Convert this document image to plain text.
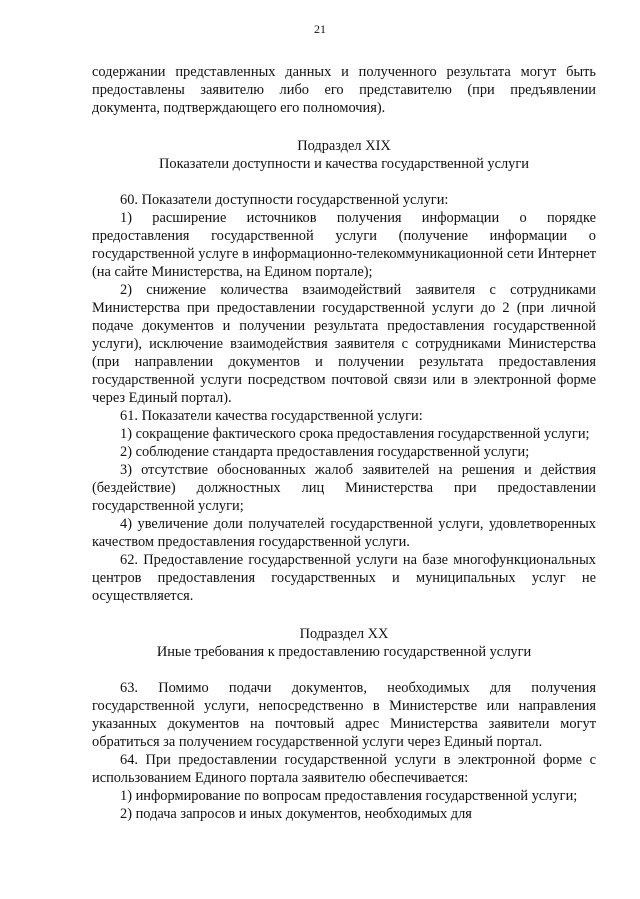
21

содержании представленных данных и полученного результата могут быть предоставлены заявителю либо его представителю (при предъявлении документа, подтверждающего его полномочия).

Подраздел XIX
Показатели доступности и качества государственной услуги

60. Показатели доступности государственной услуги:

1) расширение источников получения информации о порядке предоставления государственной услуги (получение информации о государственной услуге в информационно-телекоммуникационной сети Интернет (на сайте Министерства, на Едином портале);

2) снижение количества взаимодействий заявителя с сотрудниками Министерства при предоставлении государственной услуги до 2 (при личной подаче документов и получении результата предоставления государственной услуги), исключение взаимодействия заявителя с сотрудниками Министерства (при направлении документов и получении результата предоставления государственной услуги посредством почтовой связи или в электронной форме через Единый портал).

61. Показатели качества государственной услуги:

1) сокращение фактического срока предоставления государственной услуги;

2) соблюдение стандарта предоставления государственной услуги;

3) отсутствие обоснованных жалоб заявителей на решения и действия (бездействие) должностных лиц Министерства при предоставлении государственной услуги;

4) увеличение доли получателей государственной услуги, удовлетворенных качеством предоставления государственной услуги.

62. Предоставление государственной услуги на базе многофункциональных центров предоставления государственных и муниципальных услуг не осуществляется.

Подраздел XX
Иные требования к предоставлению государственной услуги

63. Помимо подачи документов, необходимых для получения государственной услуги, непосредственно в Министерстве или направления указанных документов на почтовый адрес Министерства заявители могут обратиться за получением государственной услуги через Единый портал.

64. При предоставлении государственной услуги в электронной форме с использованием Единого портала заявителю обеспечивается:

1) информирование по вопросам предоставления государственной услуги;

2) подача запросов и иных документов, необходимых для
